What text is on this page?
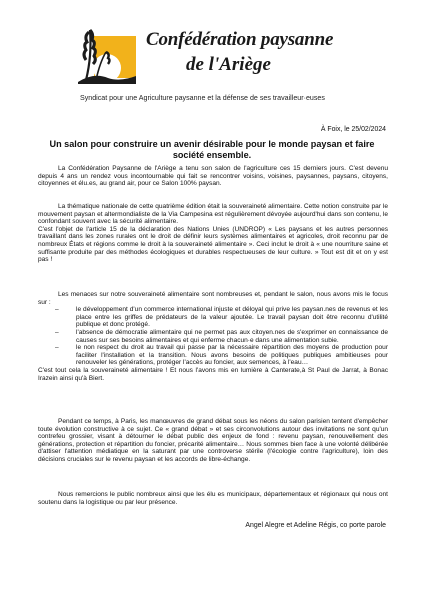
Confédération paysanne
de l'Ariège
Syndicat pour une Agriculture paysanne et la défense de ses travailleur·euses
À Foix, le 25/02/2024
Un salon pour construire un avenir désirable pour le monde paysan et faire société ensemble.

La Confédération Paysanne de l'Ariège a tenu son salon de l'agriculture ces 15 derniers jours. C'est devenu depuis 4 ans un rendez vous incontournable qui fait se rencontrer voisins, voisines, paysannes, paysans, citoyens, citoyennes et élu.es, au grand air, pour ce Salon 100% paysan.

La thématique nationale de cette quatrième édition était la souveraineté alimentaire. Cette notion construite par le mouvement paysan et altermondialiste de la Via Campesina est régulièrement dévoyée aujourd'hui dans son contenu, le confondant souvent avec la sécurité alimentaire.

C'est l'objet de l'article 15 de la déclaration des Nations Unies (UNDROP) « Les paysans et les autres personnes travaillant dans les zones rurales ont le droit de définir leurs systèmes alimentaires et agricoles, droit reconnu par de nombreux États et régions comme le droit à la souveraineté alimentaire ». Ceci inclut le droit à « une nourriture saine et suffisante produite par des méthodes écologiques et durables respectueuses de leur culture. » Tout est dit et on y est pas !

Les menaces sur notre souveraineté alimentaire sont nombreuses et, pendant le salon, nous avons mis le focus sur :

– le développement d'un commerce international injuste et déloyal qui prive les paysan.nes de revenus et les place entre les griffes de prédateurs de la valeur ajoutée. Le travail paysan doit être reconnu d'utilité publique et donc protégé.
– l'absence de démocratie alimentaire qui ne permet pas aux citoyen.nes de s'exprimer en connaissance de causes sur ses besoins alimentaires et qui enferme chacun·e dans une alimentation subie.
– le non respect du droit au travail qui passe par la nécessaire répartition des moyens de production pour faciliter l'installation et la transition. Nous avons besoins de politiques publiques ambitieuses pour renouveler les générations, protéger l'accès au foncier, aux semences, à l'eau…

C'est tout cela la souveraineté alimentaire ! Et nous l'avons mis en lumière à Canterate,à St Paul de Jarrat, à Bonac Irazein ainsi qu'à Biert.

Pendant ce temps, à Paris, les manœuvres de grand débat sous les néons du salon parisien tentent d'empêcher toute évolution constructive à ce sujet. Ce « grand débat » et ses circonvolutions autour des invitations ne sont qu'un contrefeu grossier, visant à détourner le débat public des enjeux de fond : revenu paysan, renouvellement des générations, protection et répartition du foncier, précarité alimentaire… Nous sommes bien face à une volonté délibérée d'attiser l'attention médiatique en la saturant par une controverse stérile (l'écologie contre l'agriculture), loin des décisions cruciales sur le revenu paysan et les accords de libre-échange.

Nous remercions le public nombreux ainsi que les élu es municipaux, départementaux et régionaux qui nous ont soutenu dans la logistique ou par leur présence.

Angel Alegre et Adeline Régis, co porte parole
